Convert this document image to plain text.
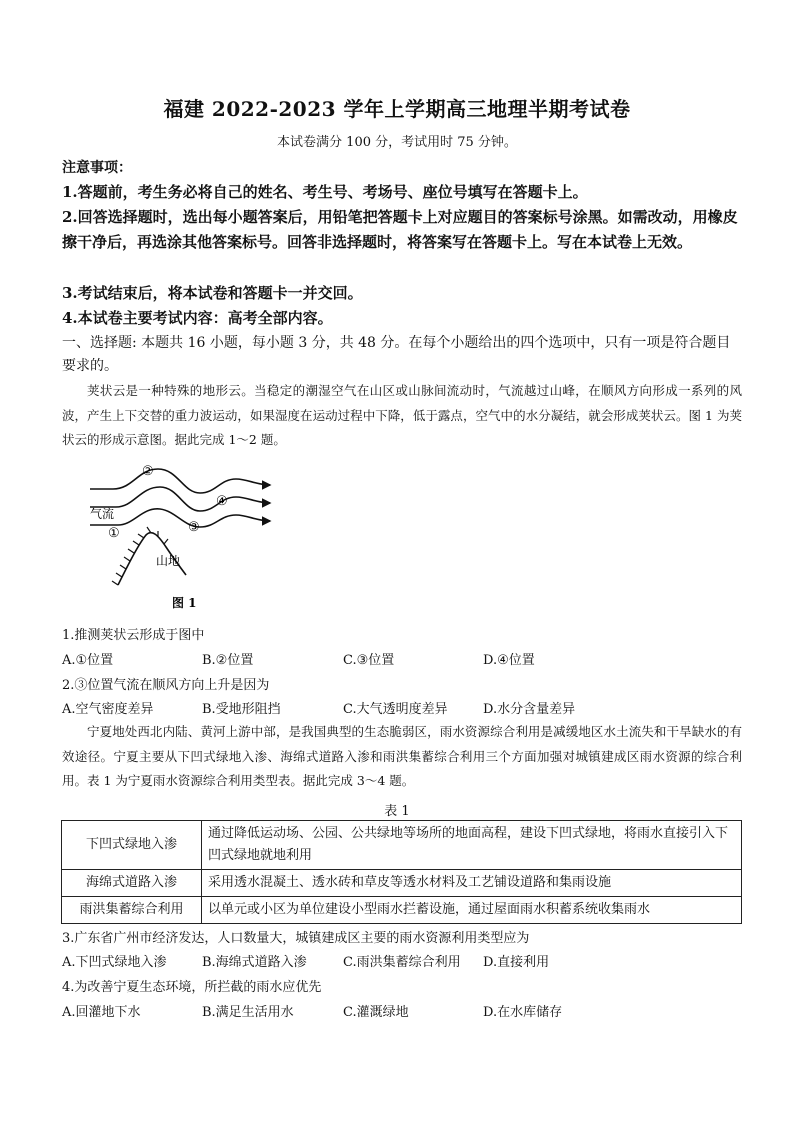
福建 2022-2023 学年上学期高三地理半期考试卷
本试卷满分 100 分，考试用时 75 分钟。
注意事项：
1.答题前，考生务必将自己的姓名、考生号、考场号、座位号填写在答题卡上。
2.回答选择题时，选出每小题答案后，用铅笔把答题卡上对应题目的答案标号涂黑。如需改动，用橡皮擦干净后，再选涂其他答案标号。回答非选择题时，将答案写在答题卡上。写在本试卷上无效。
3.考试结束后，将本试卷和答题卡一并交回。
4.本试卷主要考试内容：高考全部内容。
一、选择题: 本题共 16 小题，每小题 3 分，共 48 分。在每个小题给出的四个选项中，只有一项是符合题目要求的。
荚状云是一种特殊的地形云。当稳定的潮湿空气在山区或山脉间流动时，气流越过山峰，在顺风方向形成一系列的风波，产生上下交替的重力波运动，如果湿度在运动过程中下降，低于露点，空气中的水分凝结，就会形成荚状云。图 1 为荚状云的形成示意图。据此完成 1～2 题。
气流
山地
①
②
③
④
图 1
1.推测荚状云形成于图中
A.①位置	B.②位置	C.③位置	D.④位置
2.③位置气流在顺风方向上升是因为
A.空气密度差异	B.受地形阻挡	C.大气透明度差异	D.水分含量差异
宁夏地处西北内陆、黄河上游中部，是我国典型的生态脆弱区，雨水资源综合利用是减缓地区水土流失和干旱缺水的有效途径。宁夏主要从下凹式绿地入渗、海绵式道路入渗和雨洪集蓄综合利用三个方面加强对城镇建成区雨水资源的综合利用。表 1 为宁夏雨水资源综合利用类型表。据此完成 3～4 题。
表 1
下凹式绿地入渗	通过降低运动场、公园、公共绿地等场所的地面高程，建设下凹式绿地，将雨水直接引入下凹式绿地就地利用
海绵式道路入渗	采用透水混凝土、透水砖和草皮等透水材料及工艺铺设道路和集雨设施
雨洪集蓄综合利用	以单元或小区为单位建设小型雨水拦蓄设施，通过屋面雨水积蓄系统收集雨水
3.广东省广州市经济发达，人口数量大，城镇建成区主要的雨水资源利用类型应为
A.下凹式绿地入渗	B.海绵式道路入渗	C.雨洪集蓄综合利用 D.直接利用
4.为改善宁夏生态环境，所拦截的雨水应优先
A.回灌地下水	B.满足生活用水	C.灌溉绿地	D.在水库储存
